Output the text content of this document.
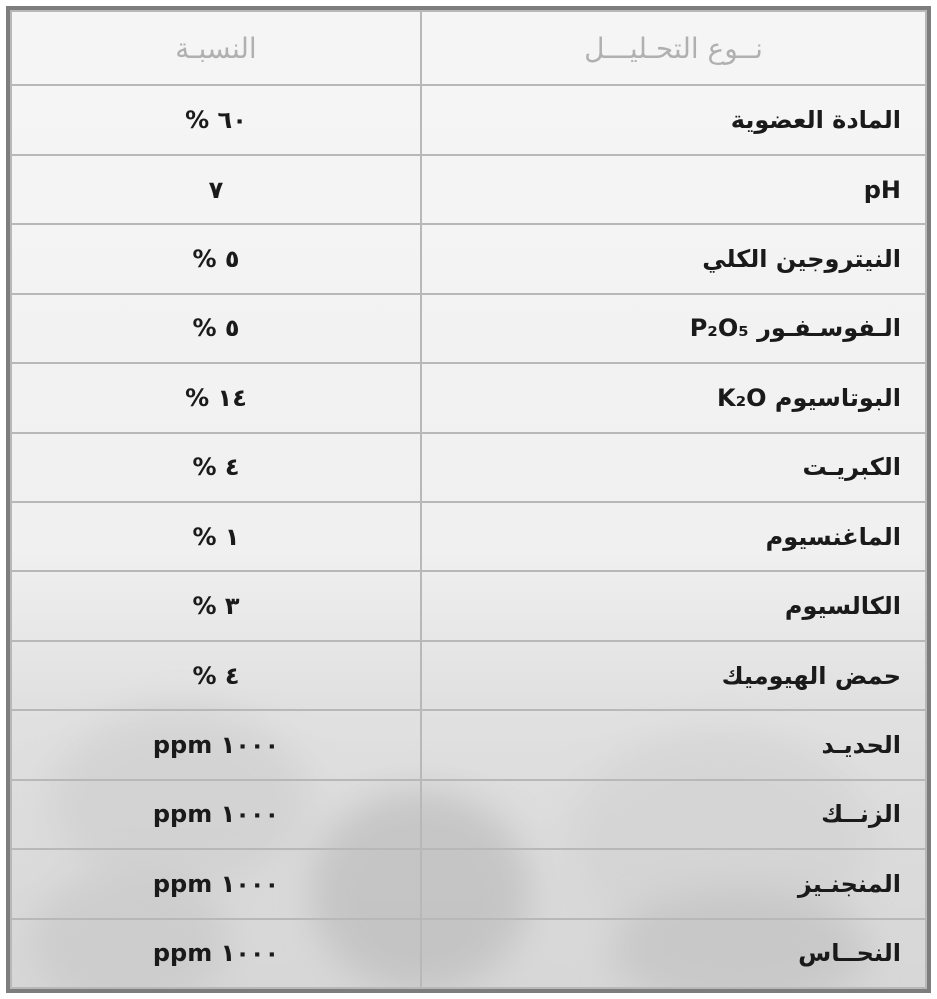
نــوع التحـليـــل	النسبـة
المادة العضوية	٦٠ %
pH	٧
النيتروجين الكلي	٥ %
الـفوسـفـور P₂O₅	٥ %
البوتاسيوم K₂O	١٤ %
الكبريـت	٤ %
الماغنسيوم	١ %
الكالسيوم	٣ %
حمض الهيوميك	٤ %
الحديـد	١٠٠٠ ppm
الزنــك	١٠٠٠ ppm
المنجنـيز	١٠٠٠ ppm
النحــاس	١٠٠٠ ppm
